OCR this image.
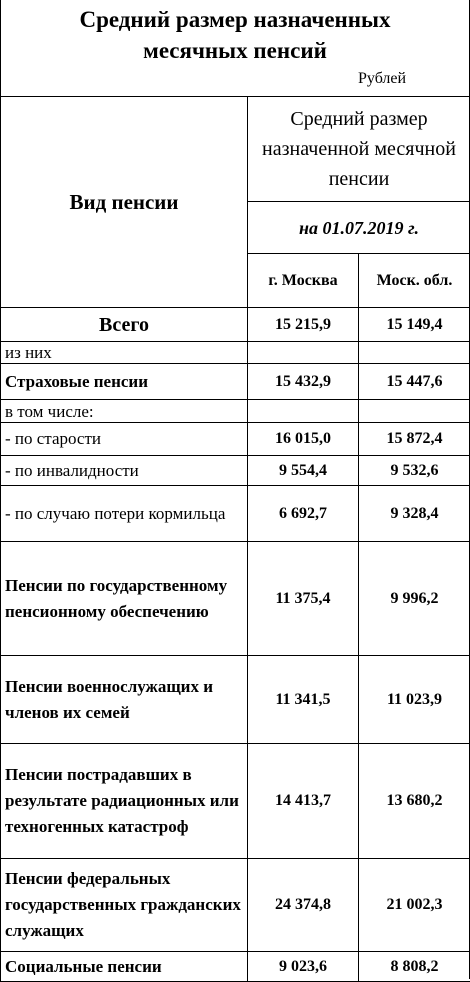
Средний размер назначенных
месячных пенсий
Рублей
Вид пенсии	Средний размер назначенной месячной пенсии	
	на 01.07.2019 г.	
	г. Москва	Моск. обл.
Всего	15 215,9	15 149,4
из них		
Страховые пенсии	15 432,9	15 447,6
в том числе:		
- по старости	16 015,0	15 872,4
- по инвалидности	9 554,4	9 532,6
- по случаю потери кормильца	6 692,7	9 328,4
Пенсии по государственному пенсионному обеспечению	11 375,4	9 996,2
Пенсии военнослужащих и членов их семей	11 341,5	11 023,9
Пенсии пострадавших в результате радиационных или техногенных катастроф	14 413,7	13 680,2
Пенсии федеральных государственных гражданских служащих	24 374,8	21 002,3
Социальные пенсии	9 023,6	8 808,2
